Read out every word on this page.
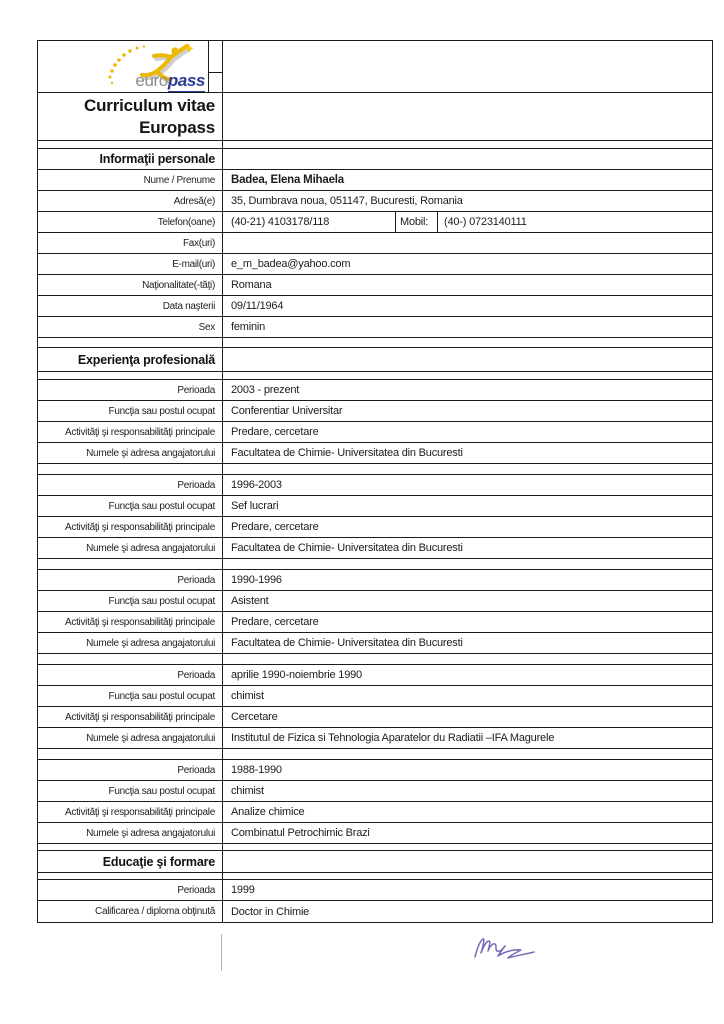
europass
Curriculum vitae
Europass
Informaţii personale
Nume / Prenume	Badea, Elena Mihaela
Adresă(e)	35, Dumbrava noua, 051147, Bucuresti, Romania
Telefon(oane)	(40-21) 4103178/118	Mobil:	(40-) 0723140111
Fax(uri)
E-mail(uri)	e_m_badea@yahoo.com
Naţionalitate(-tăţi)	Romana
Data naşterii	09/11/1964
Sex	feminin
Experienţa profesională
Perioada	2003 - prezent
Funcţia sau postul ocupat	Conferentiar Universitar
Activităţi şi responsabilităţi principale	Predare, cercetare
Numele şi adresa angajatorului	Facultatea de Chimie- Universitatea din Bucuresti
Perioada	1996-2003
Funcţia sau postul ocupat	Sef lucrari
Activităţi şi responsabilităţi principale	Predare, cercetare
Numele şi adresa angajatorului	Facultatea de Chimie- Universitatea din Bucuresti
Perioada	1990-1996
Funcţia sau postul ocupat	Asistent
Activităţi şi responsabilităţi principale	Predare, cercetare
Numele şi adresa angajatorului	Facultatea de Chimie- Universitatea din Bucuresti
Perioada	aprilie 1990-noiembrie 1990
Funcţia sau postul ocupat	chimist
Activităţi şi responsabilităţi principale	Cercetare
Numele şi adresa angajatorului	Institutul de Fizica si Tehnologia Aparatelor du Radiatii –IFA Magurele
Perioada	1988-1990
Funcţia sau postul ocupat	chimist
Activităţi şi responsabilităţi principale	Analize chimice
Numele şi adresa angajatorului	Combinatul Petrochimic Brazi
Educaţie şi formare
Perioada	1999
Calificarea / diploma obţinută	Doctor in Chimie
